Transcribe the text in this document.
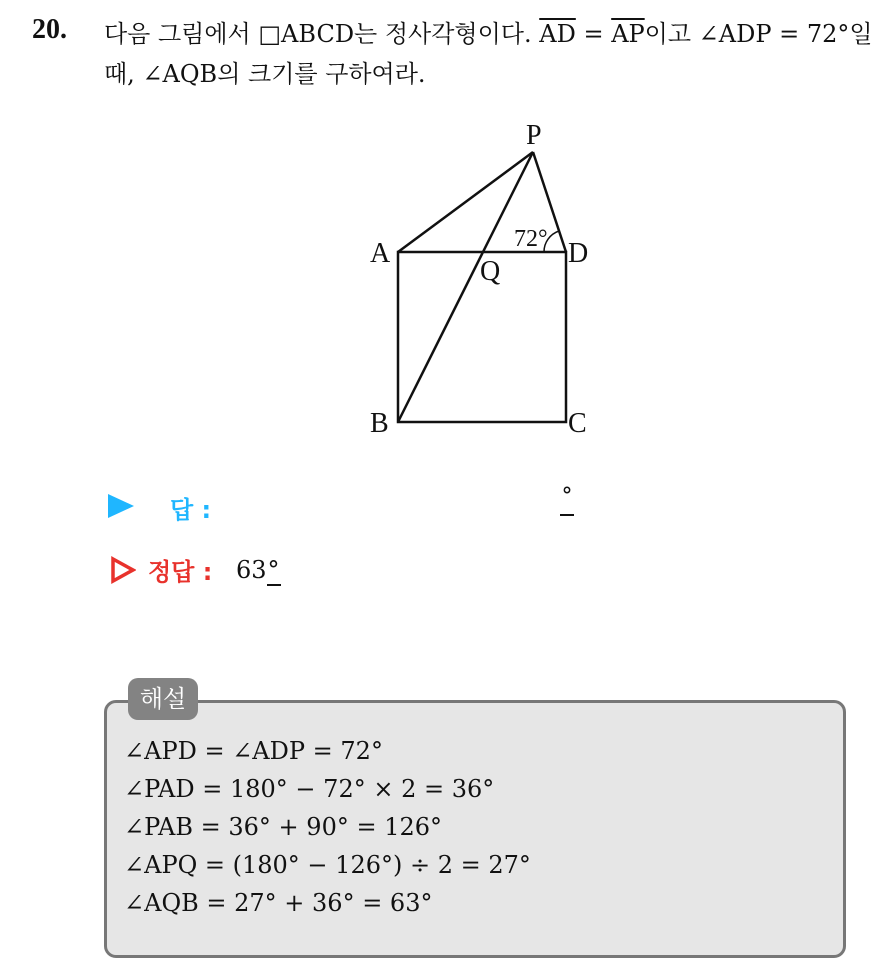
20. 다음 그림에서 □ABCD는 정사각형이다. $\overline{AD} = \overline{AP}$이고 ∠ADP = 72°일 때, ∠AQB의 크기를 구하여라.
P
A	D
Q
B	C
72°
답 :	°
정답 : 63°
해설
∠APD = ∠ADP = 72°
∠PAD = 180° − 72° × 2 = 36°
∠PAB = 36° + 90° = 126°
∠APQ = (180° − 126°) ÷ 2 = 27°
∠AQB = 27° + 36° = 63°
